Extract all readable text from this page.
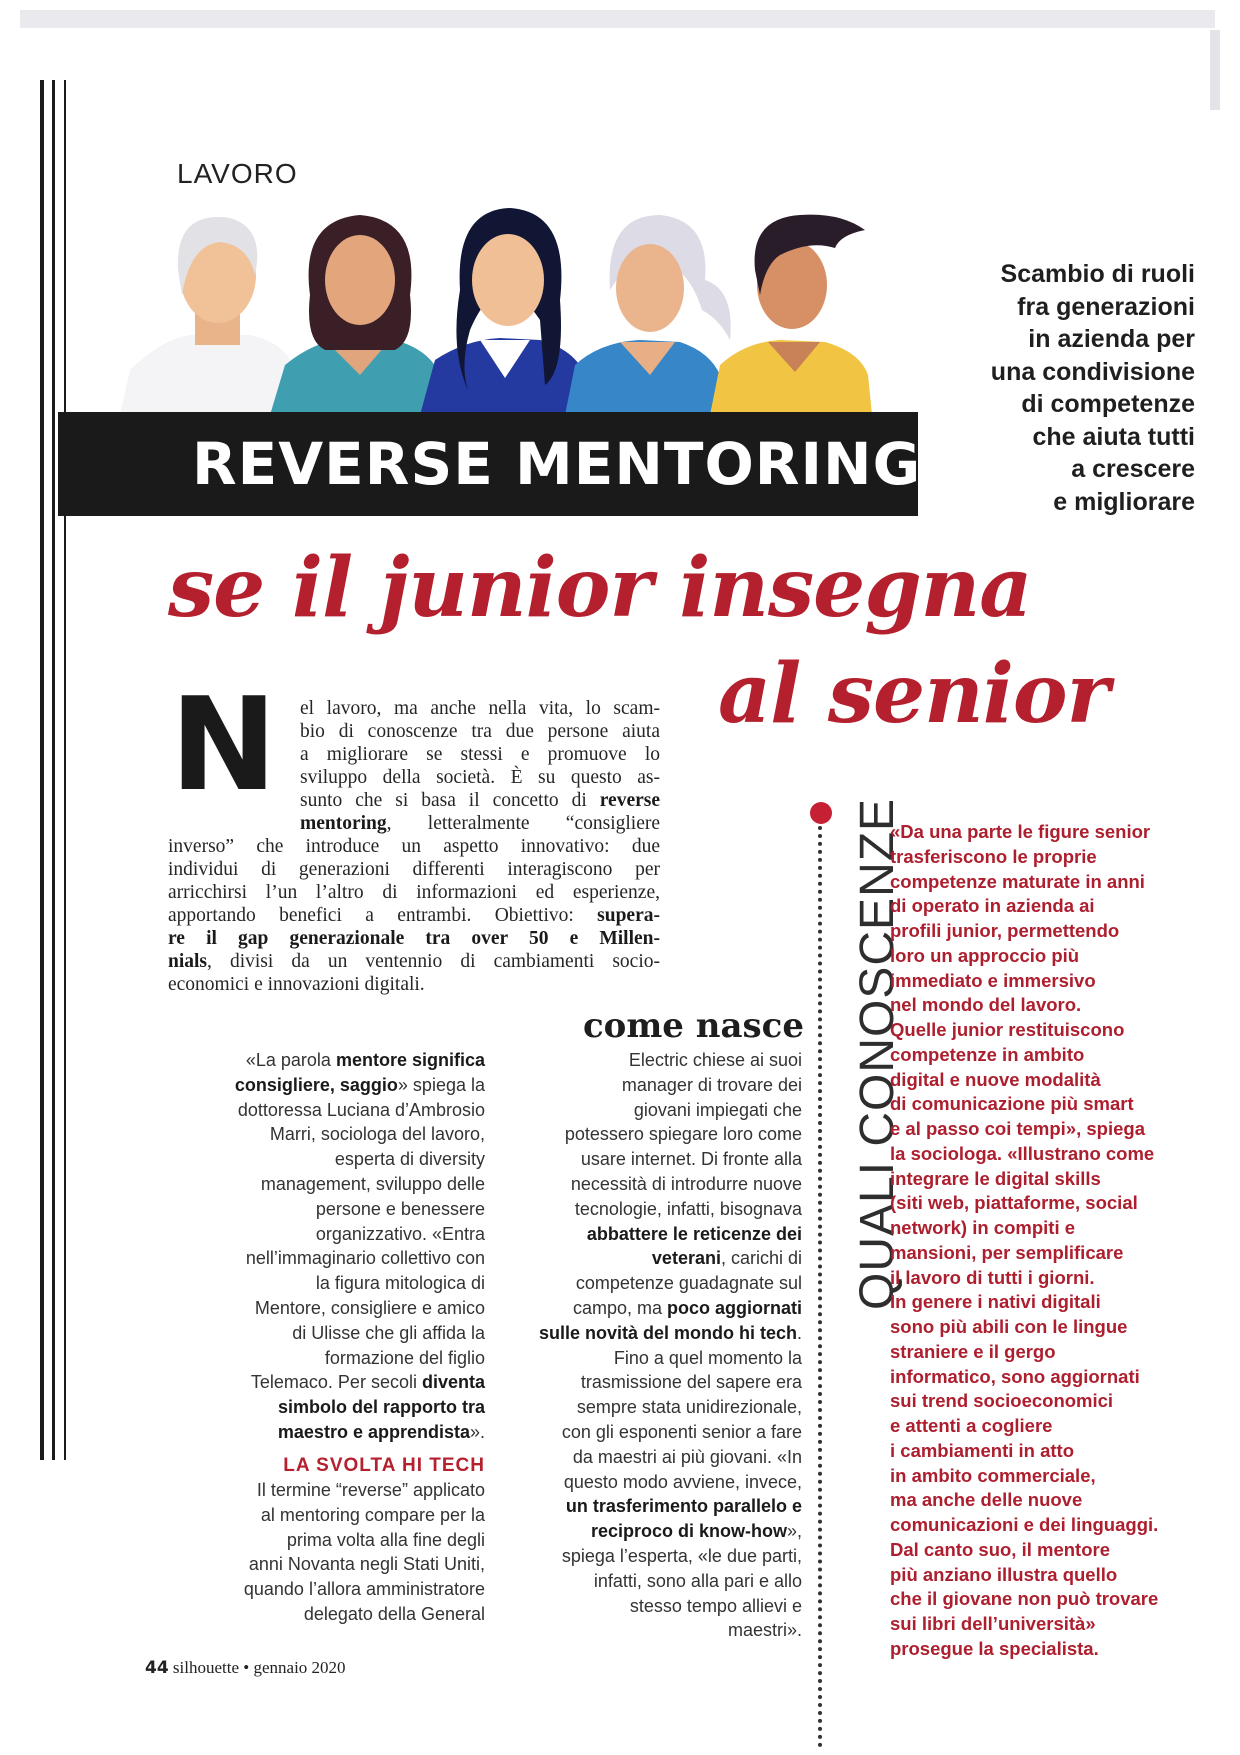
LAVORO
REVERSE MENTORING
Scambio di ruoli
fra generazioni
in azienda per
una condivisione
di competenze
che aiuta tutti
a crescere
e migliorare
se il junior insegna
al senior
N el lavoro, ma anche nella vita, lo scam-
bio di conoscenze tra due persone aiuta
a migliorare se stessi e promuove lo
sviluppo della società. È su questo as-
sunto che si basa il concetto di reverse
mentoring, letteralmente “consigliere
inverso” che introduce un aspetto innovativo: due
individui di generazioni differenti interagiscono per
arricchirsi l’un l’altro di informazioni ed esperienze,
apportando benefici a entrambi. Obiettivo: supera-
re il gap generazionale tra over 50 e Millen-
nials, divisi da un ventennio di cambiamenti socio-
economici e innovazioni digitali.
«La parola mentore significa
consigliere, saggio» spiega la
dottoressa Luciana d’Ambrosio
Marri, sociologa del lavoro,
esperta di diversity
management, sviluppo delle
persone e benessere
organizzativo. «Entra
nell’immaginario collettivo con
la figura mitologica di
Mentore, consigliere e amico
di Ulisse che gli affida la
formazione del figlio
Telemaco. Per secoli diventa
simbolo del rapporto tra
maestro e apprendista».
LA SVOLTA HI TECH
Il termine “reverse” applicato
al mentoring compare per la
prima volta alla fine degli
anni Novanta negli Stati Uniti,
quando l’allora amministratore
delegato della General
come nasce
Electric chiese ai suoi
manager di trovare dei
giovani impiegati che
potessero spiegare loro come
usare internet. Di fronte alla
necessità di introdurre nuove
tecnologie, infatti, bisognava
abbattere le reticenze dei
veterani, carichi di
competenze guadagnate sul
campo, ma poco aggiornati
sulle novità del mondo hi tech.
Fino a quel momento la
trasmissione del sapere era
sempre stata unidirezionale,
con gli esponenti senior a fare
da maestri ai più giovani. «In
questo modo avviene, invece,
un trasferimento parallelo e
reciproco di know-how»,
spiega l’esperta, «le due parti,
infatti, sono alla pari e allo
stesso tempo allievi e
maestri».
QUALI CONOSCENZE
«Da una parte le figure senior
trasferiscono le proprie
competenze maturate in anni
di operato in azienda ai
profili junior, permettendo
loro un approccio più
immediato e immersivo
nel mondo del lavoro.
Quelle junior restituiscono
competenze in ambito
digital e nuove modalità
di comunicazione più smart
e al passo coi tempi», spiega
la sociologa. «Illustrano come
integrare le digital skills
(siti web, piattaforme, social
network) in compiti e
mansioni, per semplificare
il lavoro di tutti i giorni.
In genere i nativi digitali
sono più abili con le lingue
straniere e il gergo
informatico, sono aggiornati
sui trend socioeconomici
e attenti a cogliere
i cambiamenti in atto
in ambito commerciale,
ma anche delle nuove
comunicazioni e dei linguaggi.
Dal canto suo, il mentore
più anziano illustra quello
che il giovane non può trovare
sui libri dell’università»
prosegue la specialista.
44 silhouette • gennaio 2020
